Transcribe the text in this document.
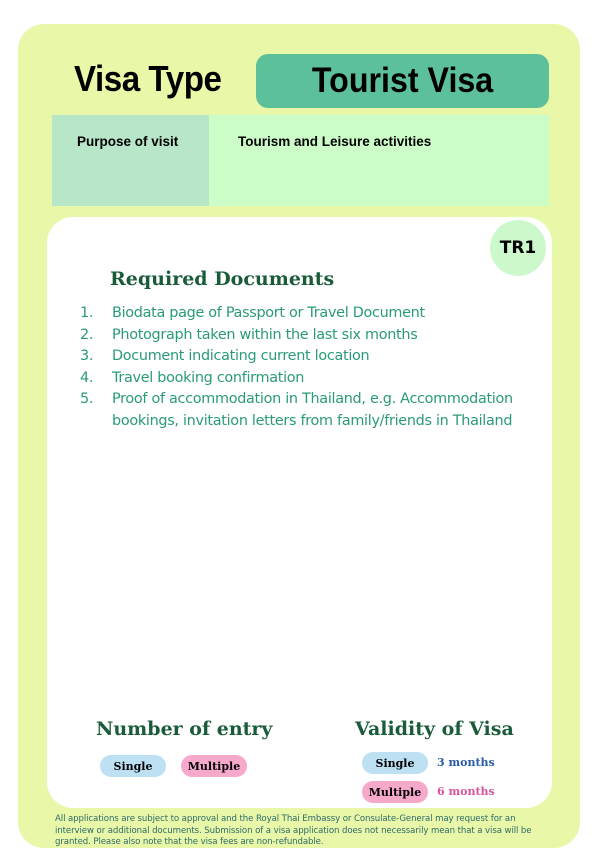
Visa Type	Tourist Visa
Purpose of visit	Tourism and Leisure activities
TR1
Required Documents
1. Biodata page of Passport or Travel Document
2. Photograph taken within the last six months
3. Document indicating current location
4. Travel booking confirmation
5. Proof of accommodation in Thailand, e.g. Accommodation bookings, invitation letters from family/friends in Thailand
Number of entry
Single	Multiple
Validity of Visa
Single	3 months
Multiple	6 months
All applications are subject to approval and the Royal Thai Embassy or Consulate-General may request for an interview or additional documents. Submission of a visa application does not necessarily mean that a visa will be granted. Please also note that the visa fees are non-refundable.
